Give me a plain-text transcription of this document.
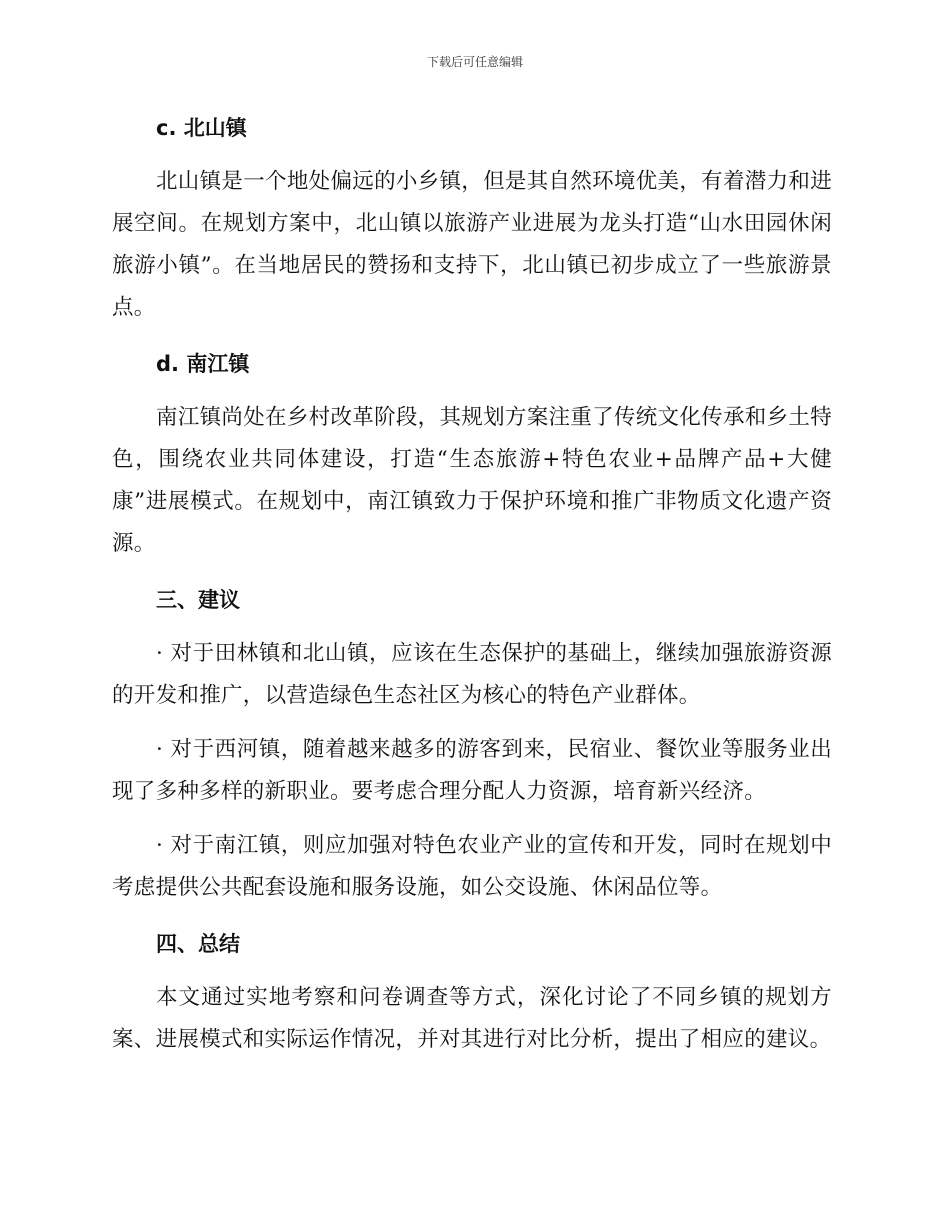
下载后可任意编辑
c. 北山镇

北山镇是一个地处偏远的小乡镇，但是其自然环境优美，有着潜力和进展空间。在规划方案中，北山镇以旅游产业进展为龙头打造“山水田园休闲旅游小镇”。在当地居民的赞扬和支持下，北山镇已初步成立了一些旅游景点。

d. 南江镇

南江镇尚处在乡村改革阶段，其规划方案注重了传统文化传承和乡土特色，围绕农业共同体建设，打造“生态旅游+特色农业+品牌产品+大健康”进展模式。在规划中，南江镇致力于保护环境和推广非物质文化遗产资源。

三、建议

· 对于田林镇和北山镇，应该在生态保护的基础上，继续加强旅游资源的开发和推广，以营造绿色生态社区为核心的特色产业群体。

· 对于西河镇，随着越来越多的游客到来，民宿业、餐饮业等服务业出现了多种多样的新职业。要考虑合理分配人力资源，培育新兴经济。

· 对于南江镇，则应加强对特色农业产业的宣传和开发，同时在规划中考虑提供公共配套设施和服务设施，如公交设施、休闲品位等。

四、总结

本文通过实地考察和问卷调查等方式，深化讨论了不同乡镇的规划方案、进展模式和实际运作情况，并对其进行对比分析，提出了相应的建议。
